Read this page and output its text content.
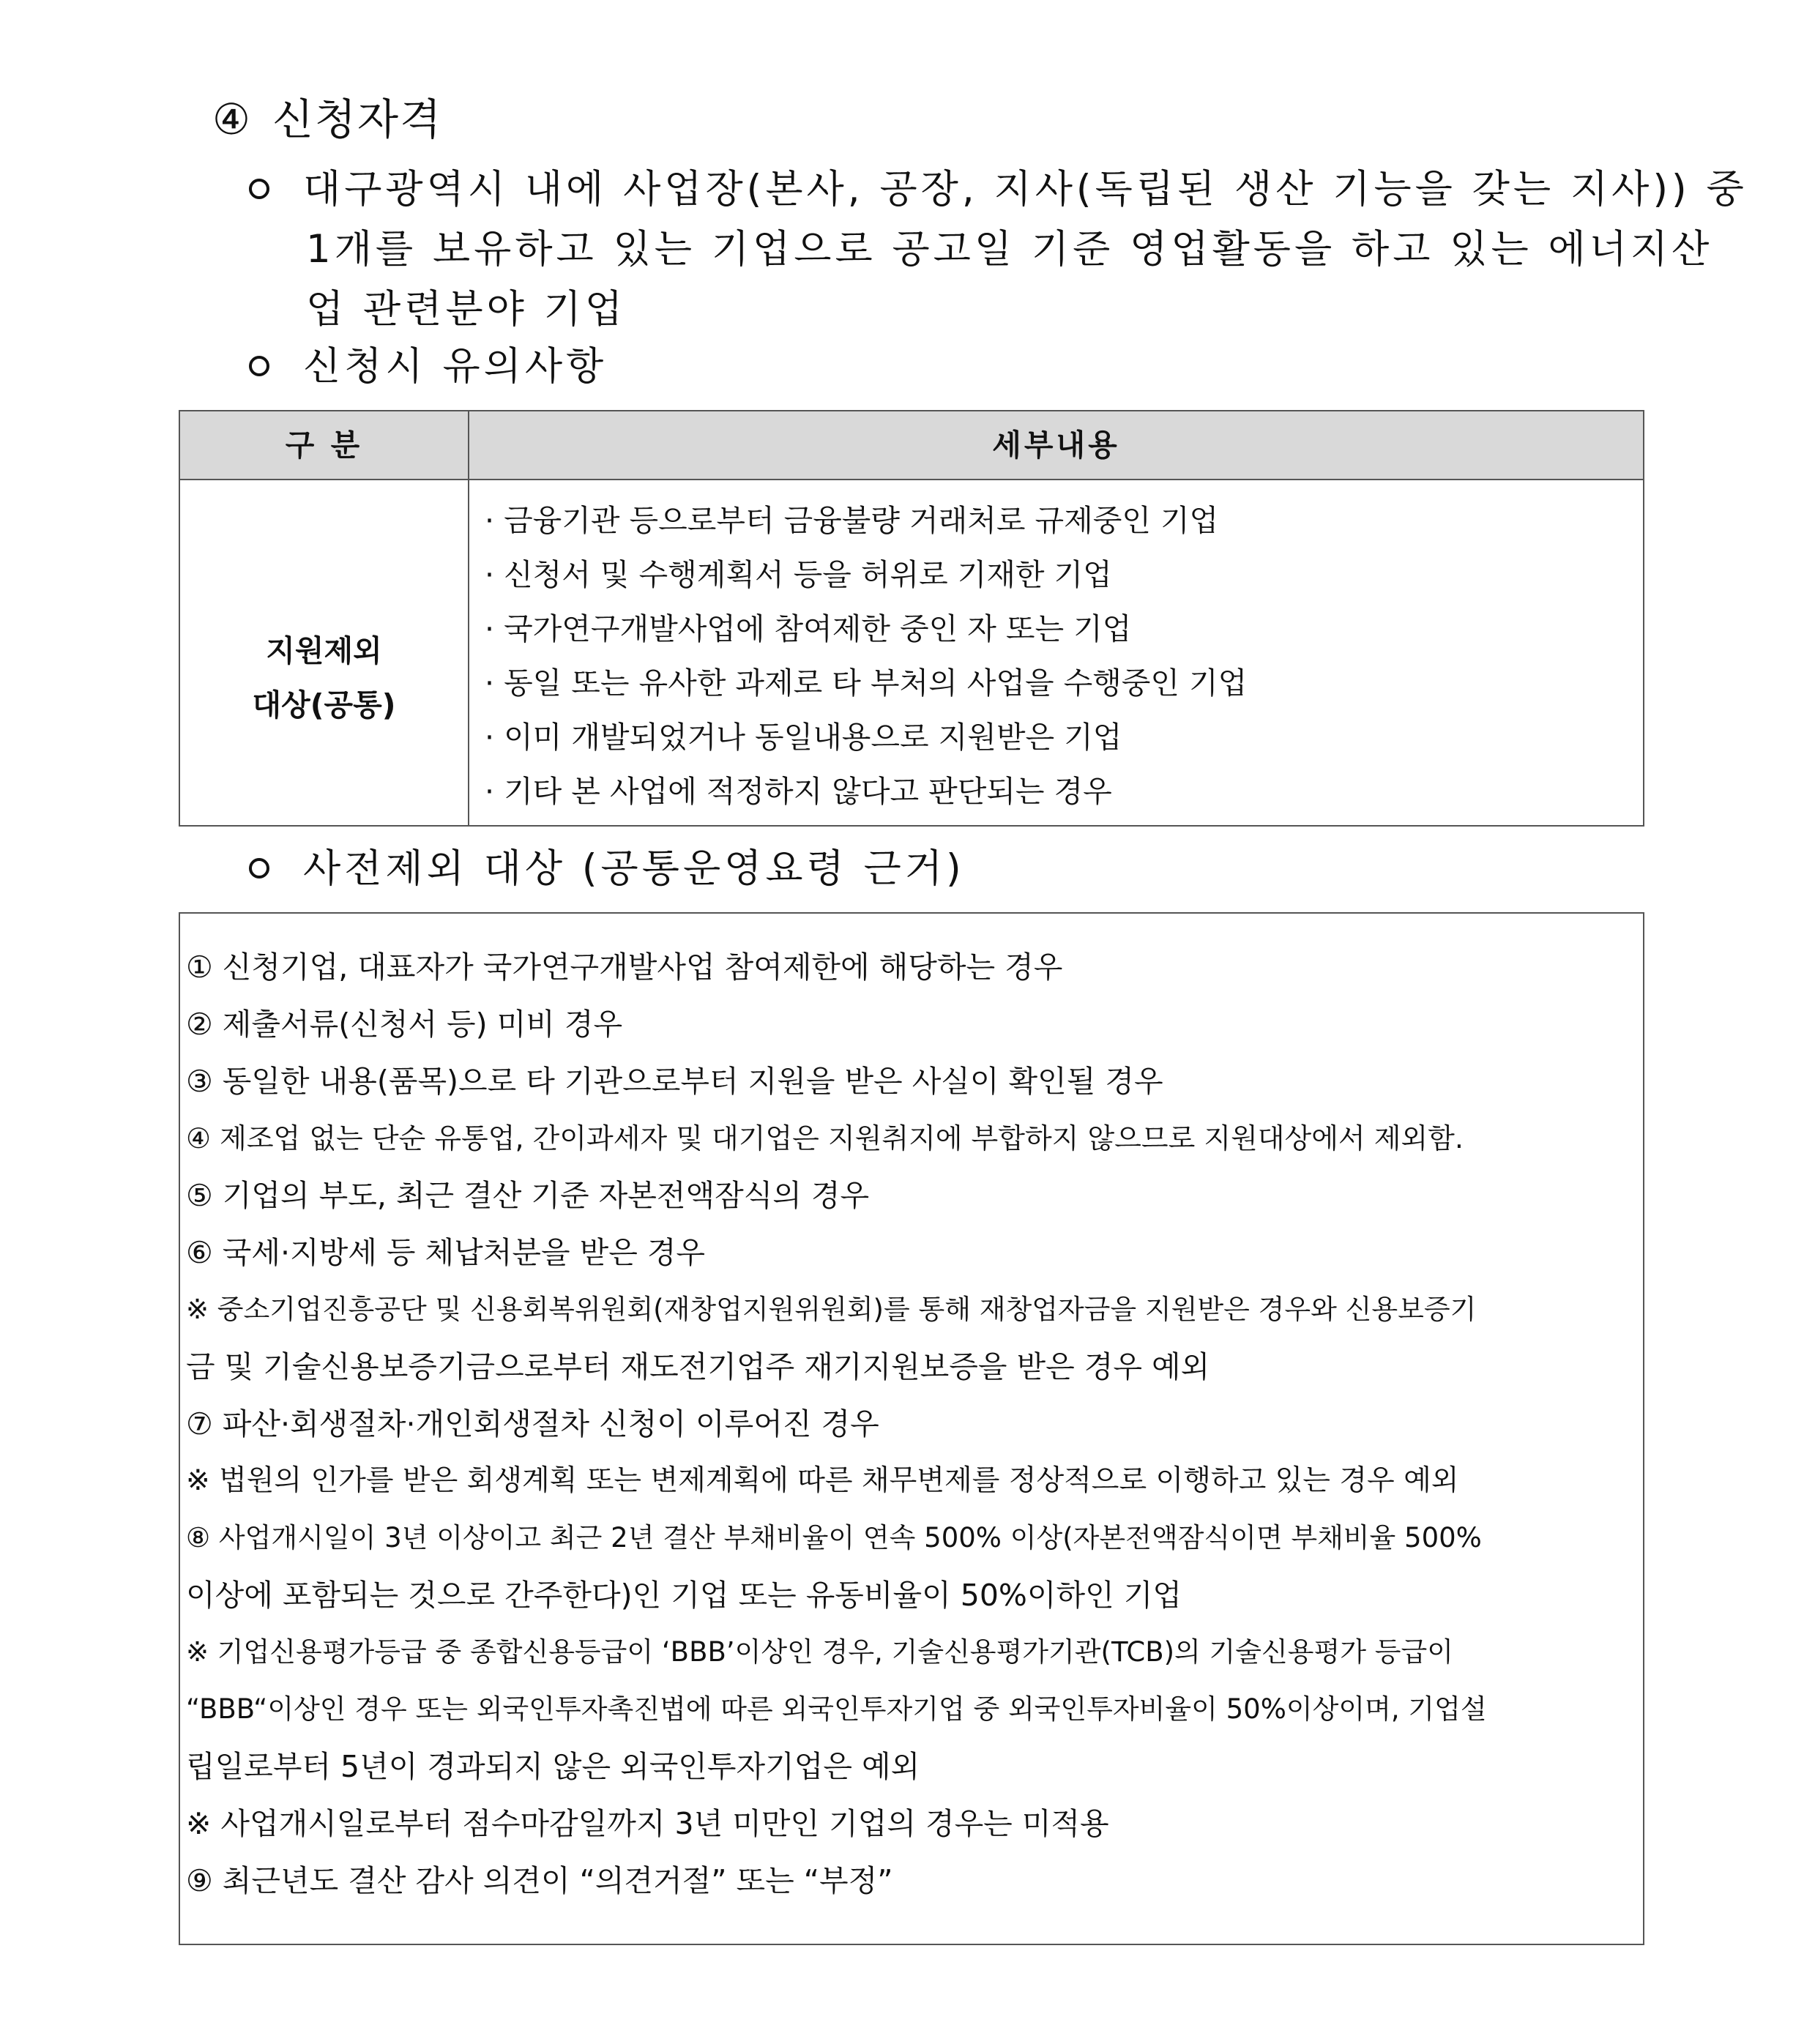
④ 신청자격
대구광역시 내에 사업장(본사, 공장, 지사(독립된 생산 기능을 갖는 지사)) 중
1개를 보유하고 있는 기업으로 공고일 기준 영업활동을 하고 있는 에너지산
업 관련분야 기업
신청시 유의사항
구 분	세부내용
지원제외
대상(공통)
· 금융기관 등으로부터 금융불량 거래처로 규제중인 기업
· 신청서 및 수행계획서 등을 허위로 기재한 기업
· 국가연구개발사업에 참여제한 중인 자 또는 기업
· 동일 또는 유사한 과제로 타 부처의 사업을 수행중인 기업
· 이미 개발되었거나 동일내용으로 지원받은 기업
· 기타 본 사업에 적정하지 않다고 판단되는 경우
사전제외 대상 (공통운영요령 근거)
① 신청기업, 대표자가 국가연구개발사업 참여제한에 해당하는 경우
② 제출서류(신청서 등) 미비 경우
③ 동일한 내용(품목)으로 타 기관으로부터 지원을 받은 사실이 확인될 경우
④ 제조업 없는 단순 유통업, 간이과세자 및 대기업은 지원취지에 부합하지 않으므로 지원대상에서 제외함.
⑤ 기업의 부도, 최근 결산 기준 자본전액잠식의 경우
⑥ 국세·지방세 등 체납처분을 받은 경우
※ 중소기업진흥공단 및 신용회복위원회(재창업지원위원회)를 통해 재창업자금을 지원받은 경우와 신용보증기
금 및 기술신용보증기금으로부터 재도전기업주 재기지원보증을 받은 경우 예외
⑦ 파산·회생절차·개인회생절차 신청이 이루어진 경우
※ 법원의 인가를 받은 회생계획 또는 변제계획에 따른 채무변제를 정상적으로 이행하고 있는 경우 예외
⑧ 사업개시일이 3년 이상이고 최근 2년 결산 부채비율이 연속 500% 이상(자본전액잠식이면 부채비율 500%
이상에 포함되는 것으로 간주한다)인 기업 또는 유동비율이 50%이하인 기업
※ 기업신용평가등급 중 종합신용등급이 ‘BBB’이상인 경우, 기술신용평가기관(TCB)의 기술신용평가 등급이
“BBB“이상인 경우 또는 외국인투자촉진법에 따른 외국인투자기업 중 외국인투자비율이 50%이상이며, 기업설
립일로부터 5년이 경과되지 않은 외국인투자기업은 예외
※ 사업개시일로부터 점수마감일까지 3년 미만인 기업의 경우는 미적용
⑨ 최근년도 결산 감사 의견이 “의견거절” 또는 “부정”
